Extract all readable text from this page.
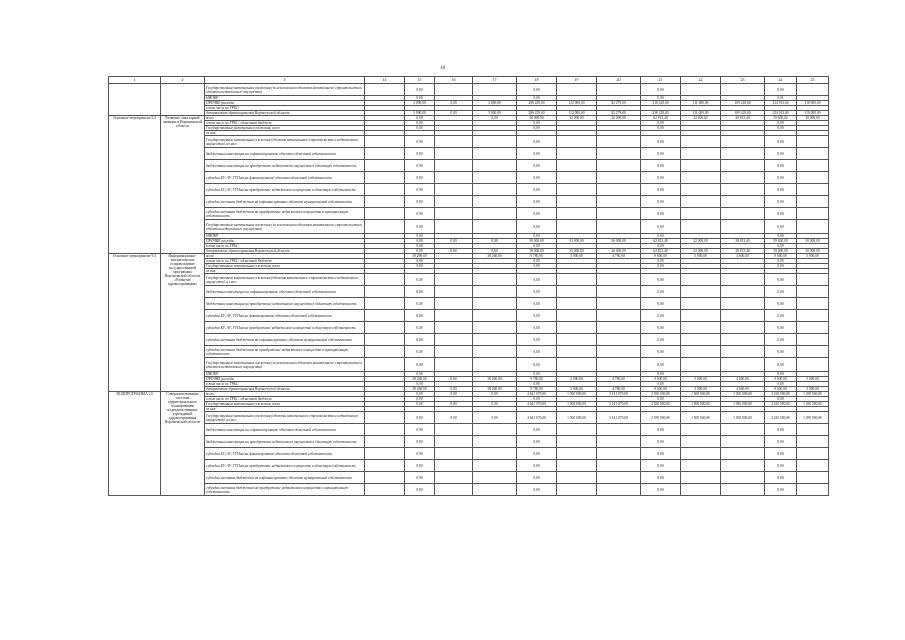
18
1	2	3	14	15	16	17	18	19	20	21	22	23	24	25	
		Государственные капитальные вложения (за исключением объектов капитального строительства и объектов недвижимого имущества)		0,00			0,00			0,00			0,00		
		НИОКР		0,00			0,00			0,00			0,01		
		ПРОЧИЕ расходы		3 090,00	0,00	3 000,00	286 229,00	112 000,00	82 279,00	218 418,00	111 000,00	109 418,00	224 913,60	110 000,00	
		в том числе по ГРБС:													
		департамент здравоохранения Воронежской области		3 090,00	0,00	3 000,00	286 229,00	112 000,00	82 279,00	218 418,00	111 000,00	109 418,00	224 913,60	110 000,00	
Основное мероприятие 9.2	Развитие санитарной авиации в Воронежской области	всего		0,00		0,00	58 000,00	33 000,00	26 000,00	62 813,40	32 000,00	28 813,40	59 600,00	30 000,00	
		в том числе по ГРБС: областной бюджет		0,00			0,00			0,00			0,00		
		Государственные капитальные вложения, всего		0,00			0,00			0,00			0,00		
		из них:													
		Государственные капитальные вложения (объекты капитального строительства и недвижимого имущества), из них:		0,00			0,00			0,00			0,00		
		бюджетные инвестиции на софинансирование объектов областной собственности		0,00			0,00			0,00			0,00		
		бюджетные инвестиции на приобретение недвижимого имущества в областную собственность		0,00			0,00			0,00			0,00		
		субсидии БУ, АУ, ГУПам на финансирование объектов областной собственности		0,00			0,00			0,00			0,00		
		субсидии БУ, АУ, ГУПам на приобретение недвижимого имущества в областную собственность		0,00			0,00			0,00			0,00		
		субсидии местным бюджетам на софинансирование объектов муниципальной собственности		0,00			0,00			0,00			0,00		
		субсидии местным бюджетам на приобретение недвижимого имущества в муниципальную собственность		0,00			0,00			0,00			0,00		
		Государственные капитальные вложения (за исключением объектов капитального строительства и объектов недвижимого имущества)		0,00			0,00			0,00			0,00		
		НИОКР		0,00			0,00			0,00			0,00		
		ПРОЧИЕ расходы		0,00	0,00	0,00	58 000,00	33 000,00	26 000,00	62 813,40	32 000,00	28 813,40	59 600,00	30 000,00	
		в том числе по ГРБС:		0,00			0,00			0,00			0,00		
		департамент здравоохранения Воронежской области		0,00	0,00	0,00	58 000,00	33 000,00	26 000,00	62 813,40	32 000,00	28 813,40	59 600,00	30 000,00	
Основное мероприятие 9.3	Информационно-аналитическое сопровождение государственной программы Воронежской области «Развитие здравоохранения»	всего		38 290,00		38 260,00	9 780,00	5 000,00	4 780,00	9 600,00	5 000,00	4 600,00	9 600,00	5 000,00	
		в том числе по ГРБС: областной бюджет		0,00			0,00			0,00			0,00		
		Государственные капитальные вложения, всего		0,00			0,00			0,00			0,00		
		из них:													
		Государственные капитальные вложения (объекты капитального строительства и недвижимого имущества), из них:		0,00			0,00			0,00			0,00		
		бюджетные инвестиции на софинансирование объектов областной собственности		0,00			0,00			0,00			0,00		
		бюджетные инвестиции на приобретение недвижимого имущества в областную собственность		0,00			0,00			0,00			0,00		
		субсидии БУ, АУ, ГУПам на финансирование объектов областной собственности		0,00			0,00			0,00			0,00		
		субсидии БУ, АУ, ГУПам на приобретение недвижимого имущества в областную собственность		0,00			0,00			0,00			0,00		
		субсидии местным бюджетам на софинансирование объектов муниципальной собственности		0,00			0,00			0,00			0,00		
		субсидии местным бюджетам на приобретение недвижимого имущества в муниципальную собственность		0,00			0,00			0,00			0,00		
		Государственные капитальные вложения (за исключением объектов капитального строительства и объектов недвижимого имущества)		0,00			0,00			0,00			0,00		
		НИОКР		0,00			0,00			0,00			0,00		
		ПРОЧИЕ расходы		38 260,00	0,00	38 260,00	9 780,00	5 000,00	4 780,00	9 600,00	5 000,00	4 600,00	9 600,00	5 000,00	
		в том числе по ГРБС:		0,00			0,00			0,00			0,00		
		департамент здравоохранения Воронежской области		38 260,00	0,00	38 260,00	9 780,00	5 000,00	4 780,00	9 600,00	5 000,00	4 600,00	9 600,00	5 000,00	
ПОДПРОГРАММА 10	Совершенствование системы территориального планирования подведомственных учреждений здравоохранения Воронежской области	всего		0,00	0,00	0,00	4 641 070,00	1 500 000,00	3 141 070,00	2 550 000,00	1 500 000,00	1 050 000,00	2 410 000,00	1 350 000,00	
		в том числе по ГРБС: областной бюджет		0,00			0,00			0,00			0,00		
		Государственные капитальные вложения, всего		0,00	0,00	0,00	4 641 070,00	1 500 000,00	3 141 070,00	2 550 000,00	1 500 000,00	1 050 000,00	2 410 000,00	1 350 000,00	
		из них:													
		Государственные капитальные вложения (объекты капитального строительства и недвижимого имущества), из них:		0,00	0,00	0,00	4 641 070,00	1 500 000,00	3 141 070,00	2 550 000,00	1 500 000,00	1 050 000,00	2 410 000,00	1 350 000,00	
		бюджетные инвестиции на софинансирование объектов областной собственности		0,00			0,00			0,00			0,00		
		бюджетные инвестиции на приобретение недвижимого имущества в областную собственность		0,00			0,00			0,00			0,00		
		субсидии БУ, АУ, ГУПам на финансирование объектов областной собственности		0,00			0,00			0,00			0,00		
		субсидии БУ, АУ, ГУПам на приобретение недвижимого имущества в областную собственность		0,00			0,00			0,00			0,00		
		субсидии местным бюджетам на софинансирование объектов муниципальной собственности		0,00			0,00			0,00			0,00		
		субсидии местным бюджетам на приобретение недвижимого имущества в муниципальную собственность		0,00			0,00			0,00			0,00		
